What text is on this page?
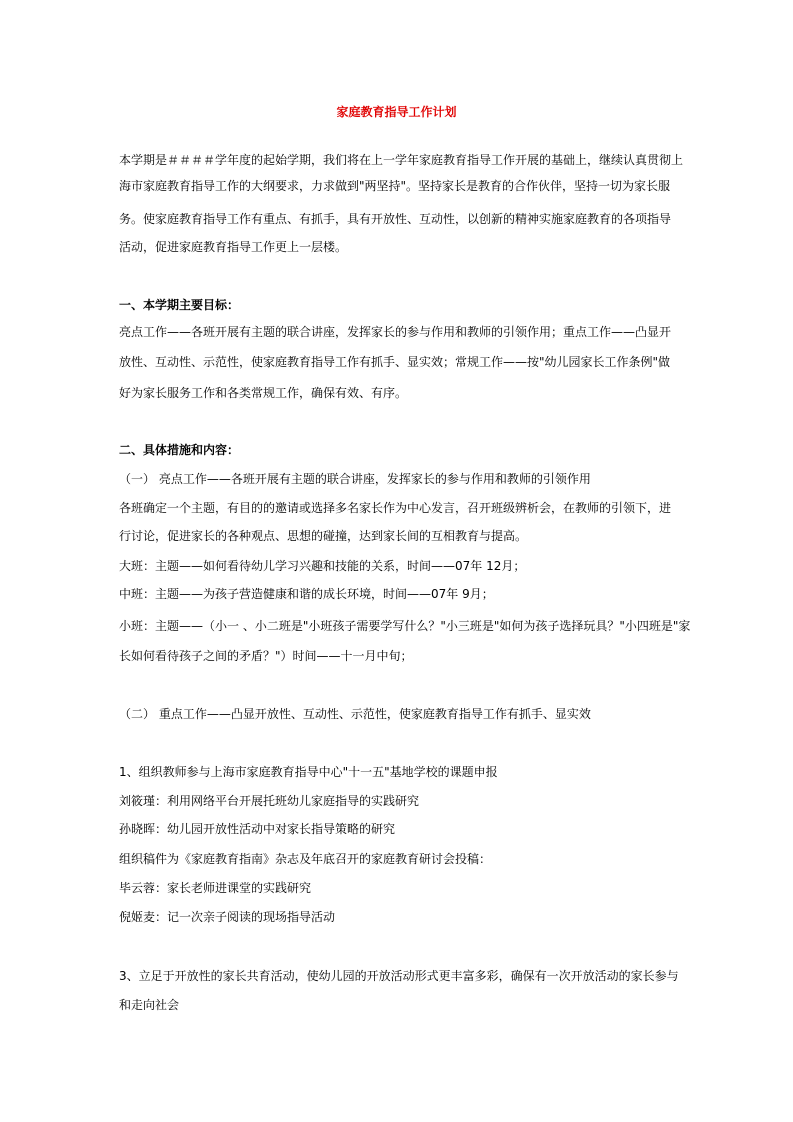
家庭教育指导工作计划
本学期是＃＃＃＃学年度的起始学期，我们将在上一学年家庭教育指导工作开展的基础上，继续认真贯彻上
海市家庭教育指导工作的大纲要求，力求做到"两坚持"。坚持家长是教育的合作伙伴，坚持一切为家长服
务。使家庭教育指导工作有重点、有抓手，具有开放性、互动性，以创新的精神实施家庭教育的各项指导
活动，促进家庭教育指导工作更上一层楼。
一、本学期主要目标：
亮点工作——各班开展有主题的联合讲座，发挥家长的参与作用和教师的引领作用；重点工作——凸显开
放性、互动性、示范性，使家庭教育指导工作有抓手、显实效；常规工作——按"幼儿园家长工作条例"做
好为家长服务工作和各类常规工作，确保有效、有序。
二、具体措施和内容：
（一） 亮点工作——各班开展有主题的联合讲座，发挥家长的参与作用和教师的引领作用
各班确定一个主题，有目的的邀请或选择多名家长作为中心发言，召开班级辨析会，在教师的引领下，进
行讨论，促进家长的各种观点、思想的碰撞，达到家长间的互相教育与提高。
大班：主题——如何看待幼儿学习兴趣和技能的关系，时间——07年 12月；
中班：主题——为孩子营造健康和谐的成长环境，时间——07年 9月；
小班：主题——（小一 、小二班是"小班孩子需要学写什么？"小三班是"如何为孩子选择玩具？"小四班是"家
长如何看待孩子之间的矛盾？"）时间——十一月中旬；
（二） 重点工作——凸显开放性、互动性、示范性，使家庭教育指导工作有抓手、显实效
1、组织教师参与上海市家庭教育指导中心"十一五"基地学校的课题申报
刘筱瑾：利用网络平台开展托班幼儿家庭指导的实践研究
孙晓晖：幼儿园开放性活动中对家长指导策略的研究
组织稿件为《家庭教育指南》杂志及年底召开的家庭教育研讨会投稿：
毕云蓉：家长老师进课堂的实践研究
倪姬麦：记一次亲子阅读的现场指导活动
3、立足于开放性的家长共育活动，使幼儿园的开放活动形式更丰富多彩，确保有一次开放活动的家长参与
和走向社会
